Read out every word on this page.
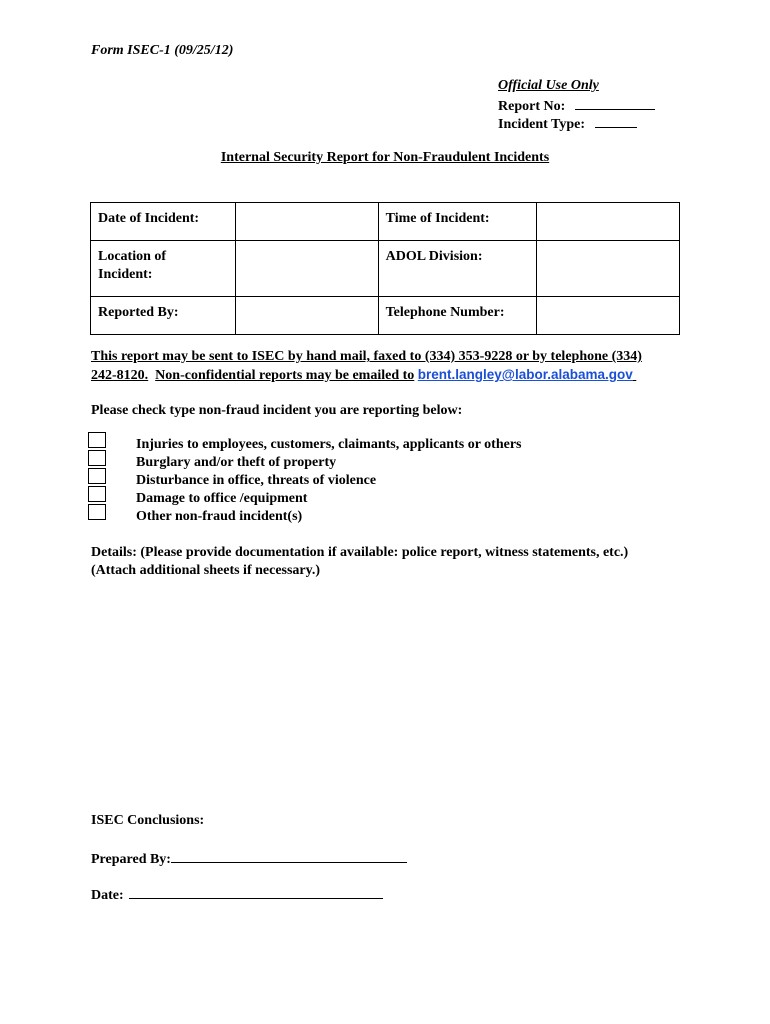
Form ISEC-1 (09/25/12)
Official Use Only
Report No:
Incident Type:
Internal Security Report for Non-Fraudulent Incidents
Date of Incident:		Time of Incident:	

Location of
Incident:		ADOL Division:	
Reported By:		Telephone Number:	
This report may be sent to ISEC by hand mail, faxed to (334) 353-9228 or by telephone (334)
242-8120. Non-confidential reports may be emailed to brent.langley@labor.alabama.gov
Please check type non-fraud incident you are reporting below:
Injuries to employees, customers, claimants, applicants or others
Burglary and/or theft of property
Disturbance in office, threats of violence
Damage to office /equipment
Other non-fraud incident(s)
Details: (Please provide documentation if available: police report, witness statements, etc.)
(Attach additional sheets if necessary.)
ISEC Conclusions:
Prepared By:
Date:
